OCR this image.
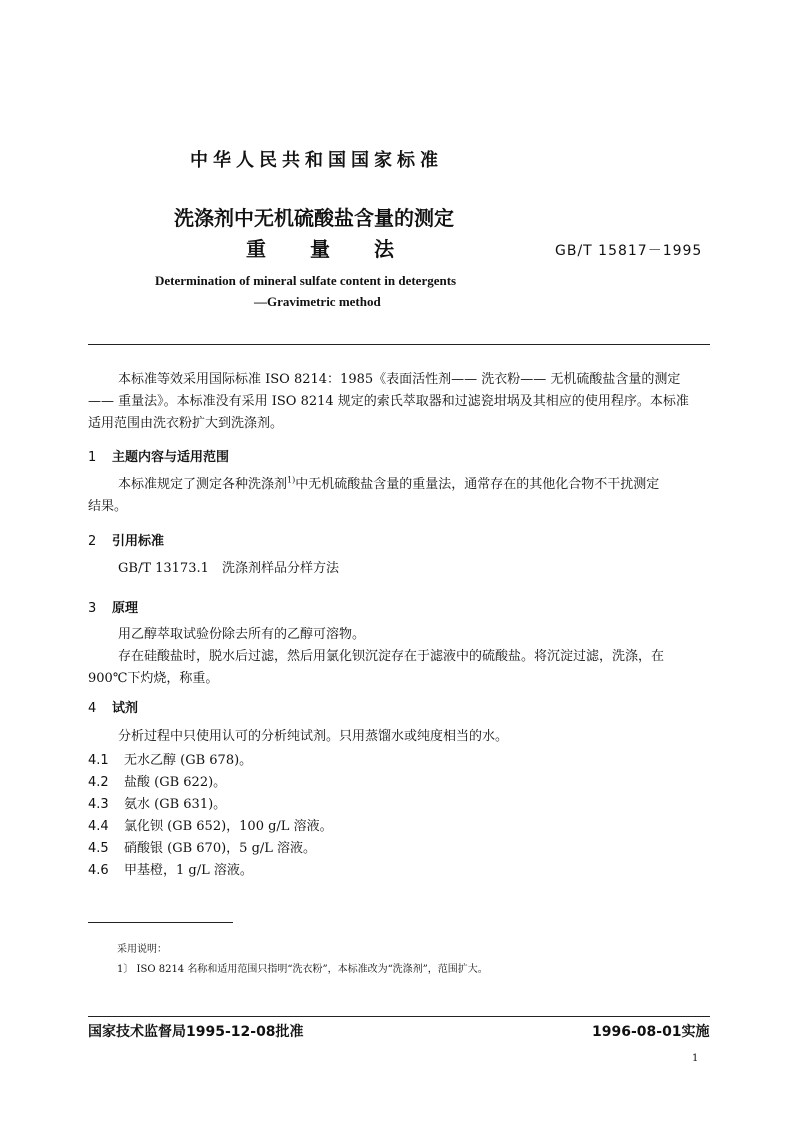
中华人民共和国国家标准
洗涤剂中无机硫酸盐含量的测定
重量法	GB/T 15817－1995
Determination of mineral sulfate content in detergents
—Gravimetric method
本标准等效采用国际标准 ISO 8214：1985《表面活性剂—— 洗衣粉—— 无机硫酸盐含量的测定
—— 重量法》。本标准没有采用 ISO 8214 规定的索氏萃取器和过滤瓷坩埚及其相应的使用程序。本标准
适用范围由洗衣粉扩大到洗涤剂。
1 主题内容与适用范围
本标准规定了测定各种洗涤剂$^{1)}$中无机硫酸盐含量的重量法，通常存在的其他化合物不干扰测定
结果。
2 引用标准
GB/T 13173.1 洗涤剂样品分样方法
3 原理
用乙醇萃取试验份除去所有的乙醇可溶物。
存在硅酸盐时，脱水后过滤，然后用氯化钡沉淀存在于滤液中的硫酸盐。将沉淀过滤，洗涤，在
900℃下灼烧，称重。
4 试剂
分析过程中只使用认可的分析纯试剂。只用蒸馏水或纯度相当的水。
4.1 无水乙醇 (GB 678)。
4.2 盐酸 (GB 622)。
4.3 氨水 (GB 631)。
4.4 氯化钡 (GB 652)，100 g/L 溶液。
4.5 硝酸银 (GB 670)，5 g/L 溶液。
4.6 甲基橙，1 g/L 溶液。
采用说明：
1〕 ISO 8214 名称和适用范围只指明“洗衣粉”，本标准改为“洗涤剂”，范围扩大。
国家技术监督局1995-12-08批准	1996-08-01实施
1
